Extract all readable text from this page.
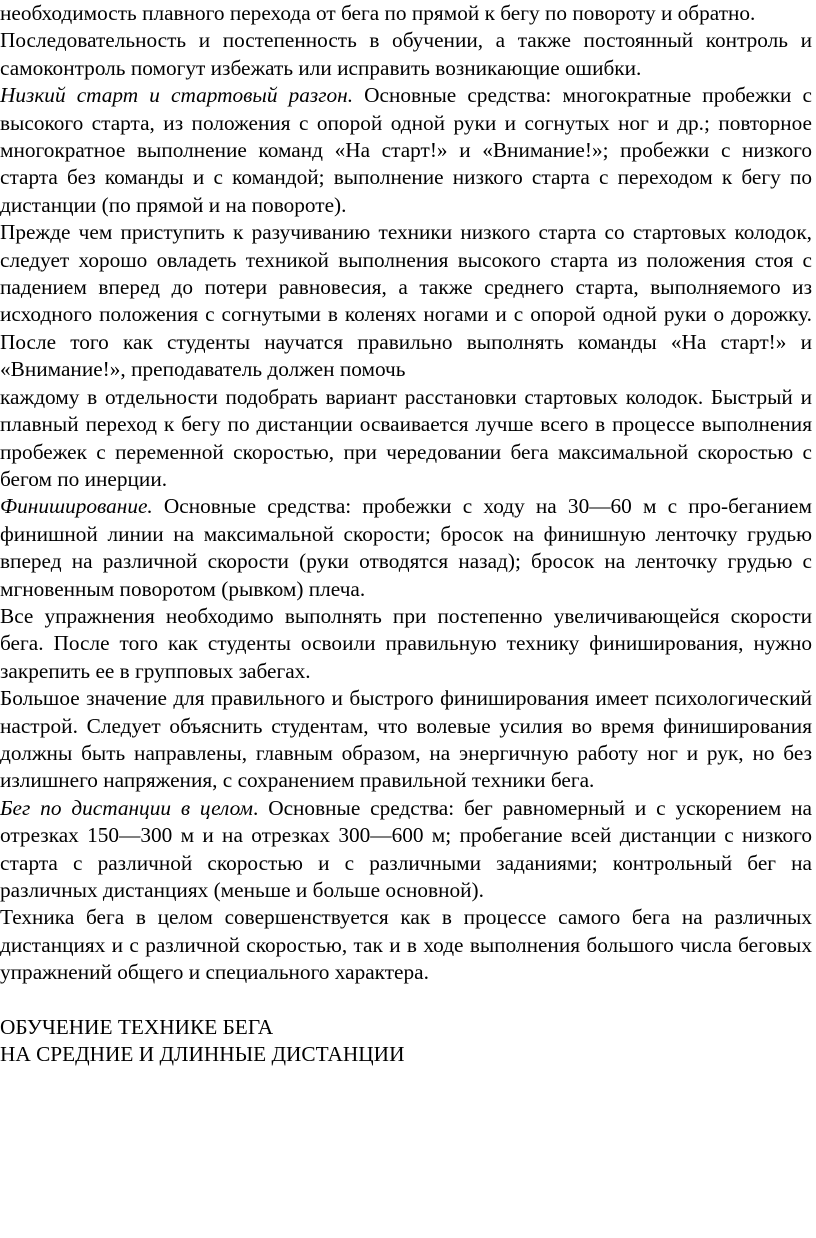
необходимость плавного перехода от бега по прямой к бегу по повороту и обратно.

Последовательность и постепенность в обучении, а также постоянный контроль и самоконтроль помогут избежать или исправить возникающие ошибки.

Низкий старт и стартовый разгон. Основные средства: многократные пробежки с высокого старта, из положения с опорой одной руки и согнутых ног и др.; повторное многократное выполнение команд «На старт!» и «Внимание!»; пробежки с низкого старта без команды и с командой; выполнение низкого старта с переходом к бегу по дистанции (по прямой и на повороте).

Прежде чем приступить к разучиванию техники низкого старта со стартовых колодок, следует хорошо овладеть техникой выполнения высокого старта из положения стоя с падением вперед до потери равновесия, а также среднего старта, выполняемого из исходного положения с согнутыми в коленях ногами и с опорой одной руки о дорожку. После того как студенты научатся правильно выполнять команды «На старт!» и «Внимание!», преподаватель должен помочь

каждому в отдельности подобрать вариант расстановки стартовых колодок. Быстрый и плавный переход к бегу по дистанции осваивается лучше всего в процессе выполнения пробежек с переменной скоростью, при чередовании бега максимальной скоростью с бегом по инерции.

Финиширование. Основные средства: пробежки с ходу на 30—60 м с про-беганием финишной линии на максимальной скорости; бросок на финишную ленточку грудью вперед на различной скорости (руки отводятся назад); бросок на ленточку грудью с мгновенным поворотом (рывком) плеча.

Все упражнения необходимо выполнять при постепенно увеличивающейся скорости бега. После того как студенты освоили правильную технику финиширования, нужно закрепить ее в групповых забегах.

Большое значение для правильного и быстрого финиширования имеет психологический настрой. Следует объяснить студентам, что волевые усилия во время финиширования должны быть направлены, главным образом, на энергичную работу ног и рук, но без излишнего напряжения, с сохранением правильной техники бега.

Бег по дистанции в целом. Основные средства: бег равномерный и с ускорением на отрезках 150—300 м и на отрезках 300—600 м; пробегание всей дистанции с низкого старта с различной скоростью и с различными заданиями; контрольный бег на различных дистанциях (меньше и больше основной).

Техника бега в целом совершенствуется как в процессе самого бега на различных дистанциях и с различной скоростью, так и в ходе выполнения большого числа беговых упражнений общего и специального характера.

ОБУЧЕНИЕ ТЕХНИКЕ БЕГА

НА СРЕДНИЕ И ДЛИННЫЕ ДИСТАНЦИИ
